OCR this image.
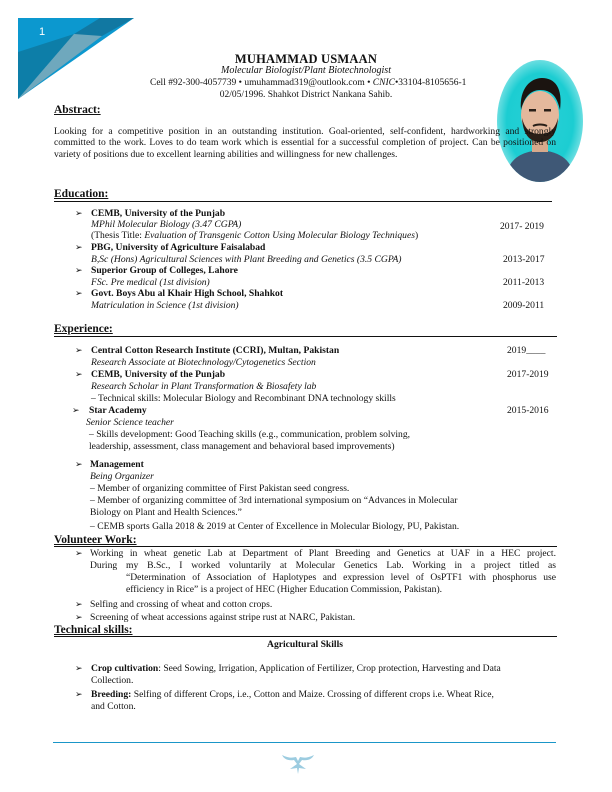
1
MUHAMMAD USMAAN
Molecular Biologist/Plant Biotechnologist
Cell #92-300-4057739 • umuhammad319@outlook.com • CNIC•33104-8105656-1
02/05/1996. Shahkot District Nankana Sahib.
Abstract:
Looking for a competitive position in an outstanding institution. Goal-oriented, self-confident, hardworking and strongly committed to the work. Loves to do team work which is essential for a successful completion of project. Can be positioned on variety of positions due to excellent learning abilities and willingness for new challenges.
Education:
➢ CEMB, University of the Punjab
MPhil Molecular Biology (3.47 CGPA)	2017- 2019
(Thesis Title: Evaluation of Transgenic Cotton Using Molecular Biology Techniques)
➢ PBG, University of Agriculture Faisalabad
B,Sc (Hons) Agricultural Sciences with Plant Breeding and Genetics (3.5 CGPA)	2013-2017
➢ Superior Group of Colleges, Lahore
FSc. Pre medical (1st division)	2011-2013
➢ Govt. Boys Abu al Khair High School, Shahkot
Matriculation in Science (1st division)	2009-2011
Experience:
➢ Central Cotton Research Institute (CCRI), Multan, Pakistan	2019____
Research Associate at Biotechnology/Cytogenetics Section
➢ CEMB, University of the Punjab	2017-2019
Research Scholar in Plant Transformation & Biosafety lab
– Technical skills: Molecular Biology and Recombinant DNA technology skills
➢ Star Academy	2015-2016
Senior Science teacher
– Skills development: Good Teaching skills (e.g., communication, problem solving,
leadership, assessment, class management and behavioral based improvements)
➢ Management
Being Organizer
– Member of organizing committee of First Pakistan seed congress.
– Member of organizing committee of 3rd international symposium on “Advances in Molecular
Biology on Plant and Health Sciences.”
– CEMB sports Galla 2018 & 2019 at Center of Excellence in Molecular Biology, PU, Pakistan.
Volunteer Work:
➢ Working in wheat genetic Lab at Department of Plant Breeding and Genetics at UAF in a HEC project.
During my B.Sc., I worked voluntarily at Molecular Genetics Lab. Working in a project titled as
“Determination of Association of Haplotypes and expression level of OsPTF1 with phosphorus use
efficiency in Rice” is a project of HEC (Higher Education Commission, Pakistan).
➢ Selfing and crossing of wheat and cotton crops.
➢ Screening of wheat accessions against stripe rust at NARC, Pakistan.
Technical skills:
Agricultural Skills
➢ Crop cultivation: Seed Sowing, Irrigation, Application of Fertilizer, Crop protection, Harvesting and Data
Collection.
➢ Breeding: Selfing of different Crops, i.e., Cotton and Maize. Crossing of different crops i.e. Wheat Rice,
and Cotton.
